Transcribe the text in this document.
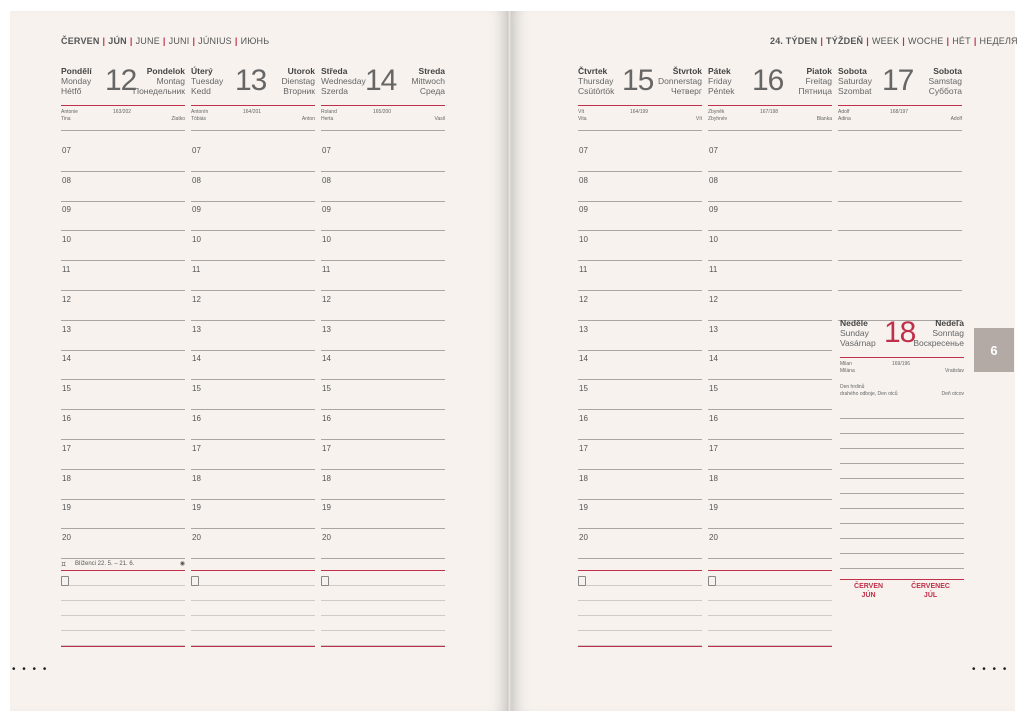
ČERVEN | JÚN | JUNE | JUNI | JÚNIUS | ИЮНЬ	24. TÝDEN | TÝŽDEŇ | WEEK | WOCHE | HÉT | НЕДЕЛЯ
Pondělí
Monday
Hétfő 12	Pondelok
Montag
Понедельник
Antonie
Tina
163/202
Zlatko
07
08
09
10
11
12
13
14
15
16
17
18
19
20
♊ Blíženci 22. 5. – 21. 6.	◉
Úterý
Tuesday
Kedd 13	Utorok
Dienstag
Вторник
Antonín
Tóbiás
164/201
Anton
07
08
09
10
11
12
13
14
15
16
17
18
19
20
Středa
Wednesday
Szerda 14	Streda
Mittwoch
Среда
Roland
Herta
165/200
Vasil
07
08
09
10
11
12
13
14
15
16
17
18
19
20
Čtvrtek
Thursday
Csütörtök 15	Štvrtok
Donnerstag
Четверг
Vít
Vita
164/199
Vít
07
08
09
10
11
12
13
14
15
16
17
18
19
20
Pátek
Friday
Péntek 16	Piatok
Freitag
Пятница
Zbyněk
Zbyhnév
167/198
Blanka
07
08
09
10
11
12
13
14
15
16
17
18
19
20
Sobota
Saturday
Szombat 17	Sobota
Samstag
Суббота
Adolf
Adina
168/197
Adolf
Neděle
Sunday
Vasárnap 18	Nedeľa
Sonntag
Воскресенье
Milan
Milána
169/196
Vratislav
Den hrdinů
drahého odboje, Den otců	Deň otcov
ČERVEN
JÚN
ČERVENEC
JÚL
6
• • • •	• • • •
